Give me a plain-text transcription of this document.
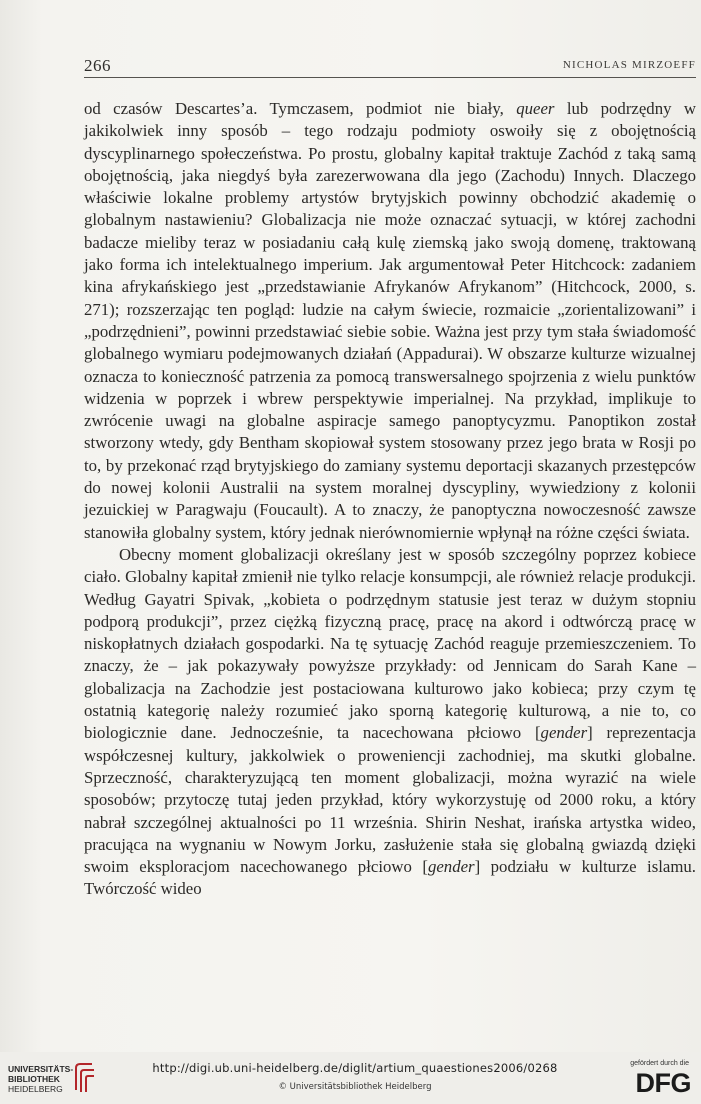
266	NICHOLAS MIRZOEFF

od czasów Descartes’a. Tymczasem, podmiot nie biały, queer lub podrzędny w jakikolwiek inny sposób – tego rodzaju podmioty oswoiły się z obojętnością dyscyplinarnego społeczeństwa. Po prostu, globalny kapitał traktuje Zachód z taką samą obojętnością, jaka niegdyś była zarezerwowana dla jego (Zachodu) Innych. Dlaczego właściwie lokalne problemy artystów brytyjskich powinny obchodzić akademię o globalnym nastawieniu? Globalizacja nie może oznaczać sytuacji, w której zachodni badacze mieliby teraz w posiadaniu całą kulę ziemską jako swoją domenę, traktowaną jako forma ich intelektualnego imperium. Jak argumentował Peter Hitchcock: zadaniem kina afrykańskiego jest „przedstawianie Afrykanów Afrykanom” (Hitchcock, 2000, s. 271); rozszerzając ten pogląd: ludzie na całym świecie, rozmaicie „zorientalizowani” i „podrzędnieni”, powinni przedstawiać siebie sobie. Ważna jest przy tym stała świadomość globalnego wymiaru podejmowanych działań (Appadurai). W obszarze kulturze wizualnej oznacza to konieczność patrzenia za pomocą transwersalnego spojrzenia z wielu punktów widzenia w poprzek i wbrew perspektywie imperialnej. Na przykład, implikuje to zwrócenie uwagi na globalne aspiracje samego panoptycyzmu. Panoptikon został stworzony wtedy, gdy Bentham skopiował system stosowany przez jego brata w Rosji po to, by przekonać rząd brytyjskiego do zamiany systemu deportacji skazanych przestępców do nowej kolonii Australii na system moralnej dyscypliny, wywiedziony z kolonii jezuickiej w Paragwaju (Foucault). A to znaczy, że panoptyczna nowoczesność zawsze stanowiła globalny system, który jednak nierównomiernie wpłynął na różne części świata.

Obecny moment globalizacji określany jest w sposób szczególny poprzez kobiece ciało. Globalny kapitał zmienił nie tylko relacje konsumpcji, ale również relacje produkcji. Według Gayatri Spivak, „kobieta o podrzędnym statusie jest teraz w dużym stopniu podporą produkcji”, przez ciężką fizyczną pracę, pracę na akord i odtwórczą pracę w niskopłatnych działach gospodarki. Na tę sytuację Zachód reaguje przemieszczeniem. To znaczy, że – jak pokazywały powyższe przykłady: od Jennicam do Sarah Kane – globalizacja na Zachodzie jest postaciowana kulturowo jako kobieca; przy czym tę ostatnią kategorię należy rozumieć jako sporną kategorię kulturową, a nie to, co biologicznie dane. Jednocześnie, ta nacechowana płciowo [gender] reprezentacja współczesnej kultury, jakkolwiek o proweniencji zachodniej, ma skutki globalne. Sprzeczność, charakteryzującą ten moment globalizacji, można wyrazić na wiele sposobów; przytoczę tutaj jeden przykład, który wykorzystuję od 2000 roku, a który nabrał szczególnej aktualności po 11 września. Shirin Neshat, irańska artystka wideo, pracująca na wygnaniu w Nowym Jorku, zasłużenie stała się globalną gwiazdą dzięki swoim eksploracjom nacechowanego płciowo [gender] podziału w kulturze islamu. Twórczość wideo

UNIVERSITÄTS-
BIBLIOTHEK
HEIDELBERG
http://digi.ub.uni-heidelberg.de/diglit/artium_quaestiones2006/0268
© Universitätsbibliothek Heidelberg
gefördert durch die
DFG
